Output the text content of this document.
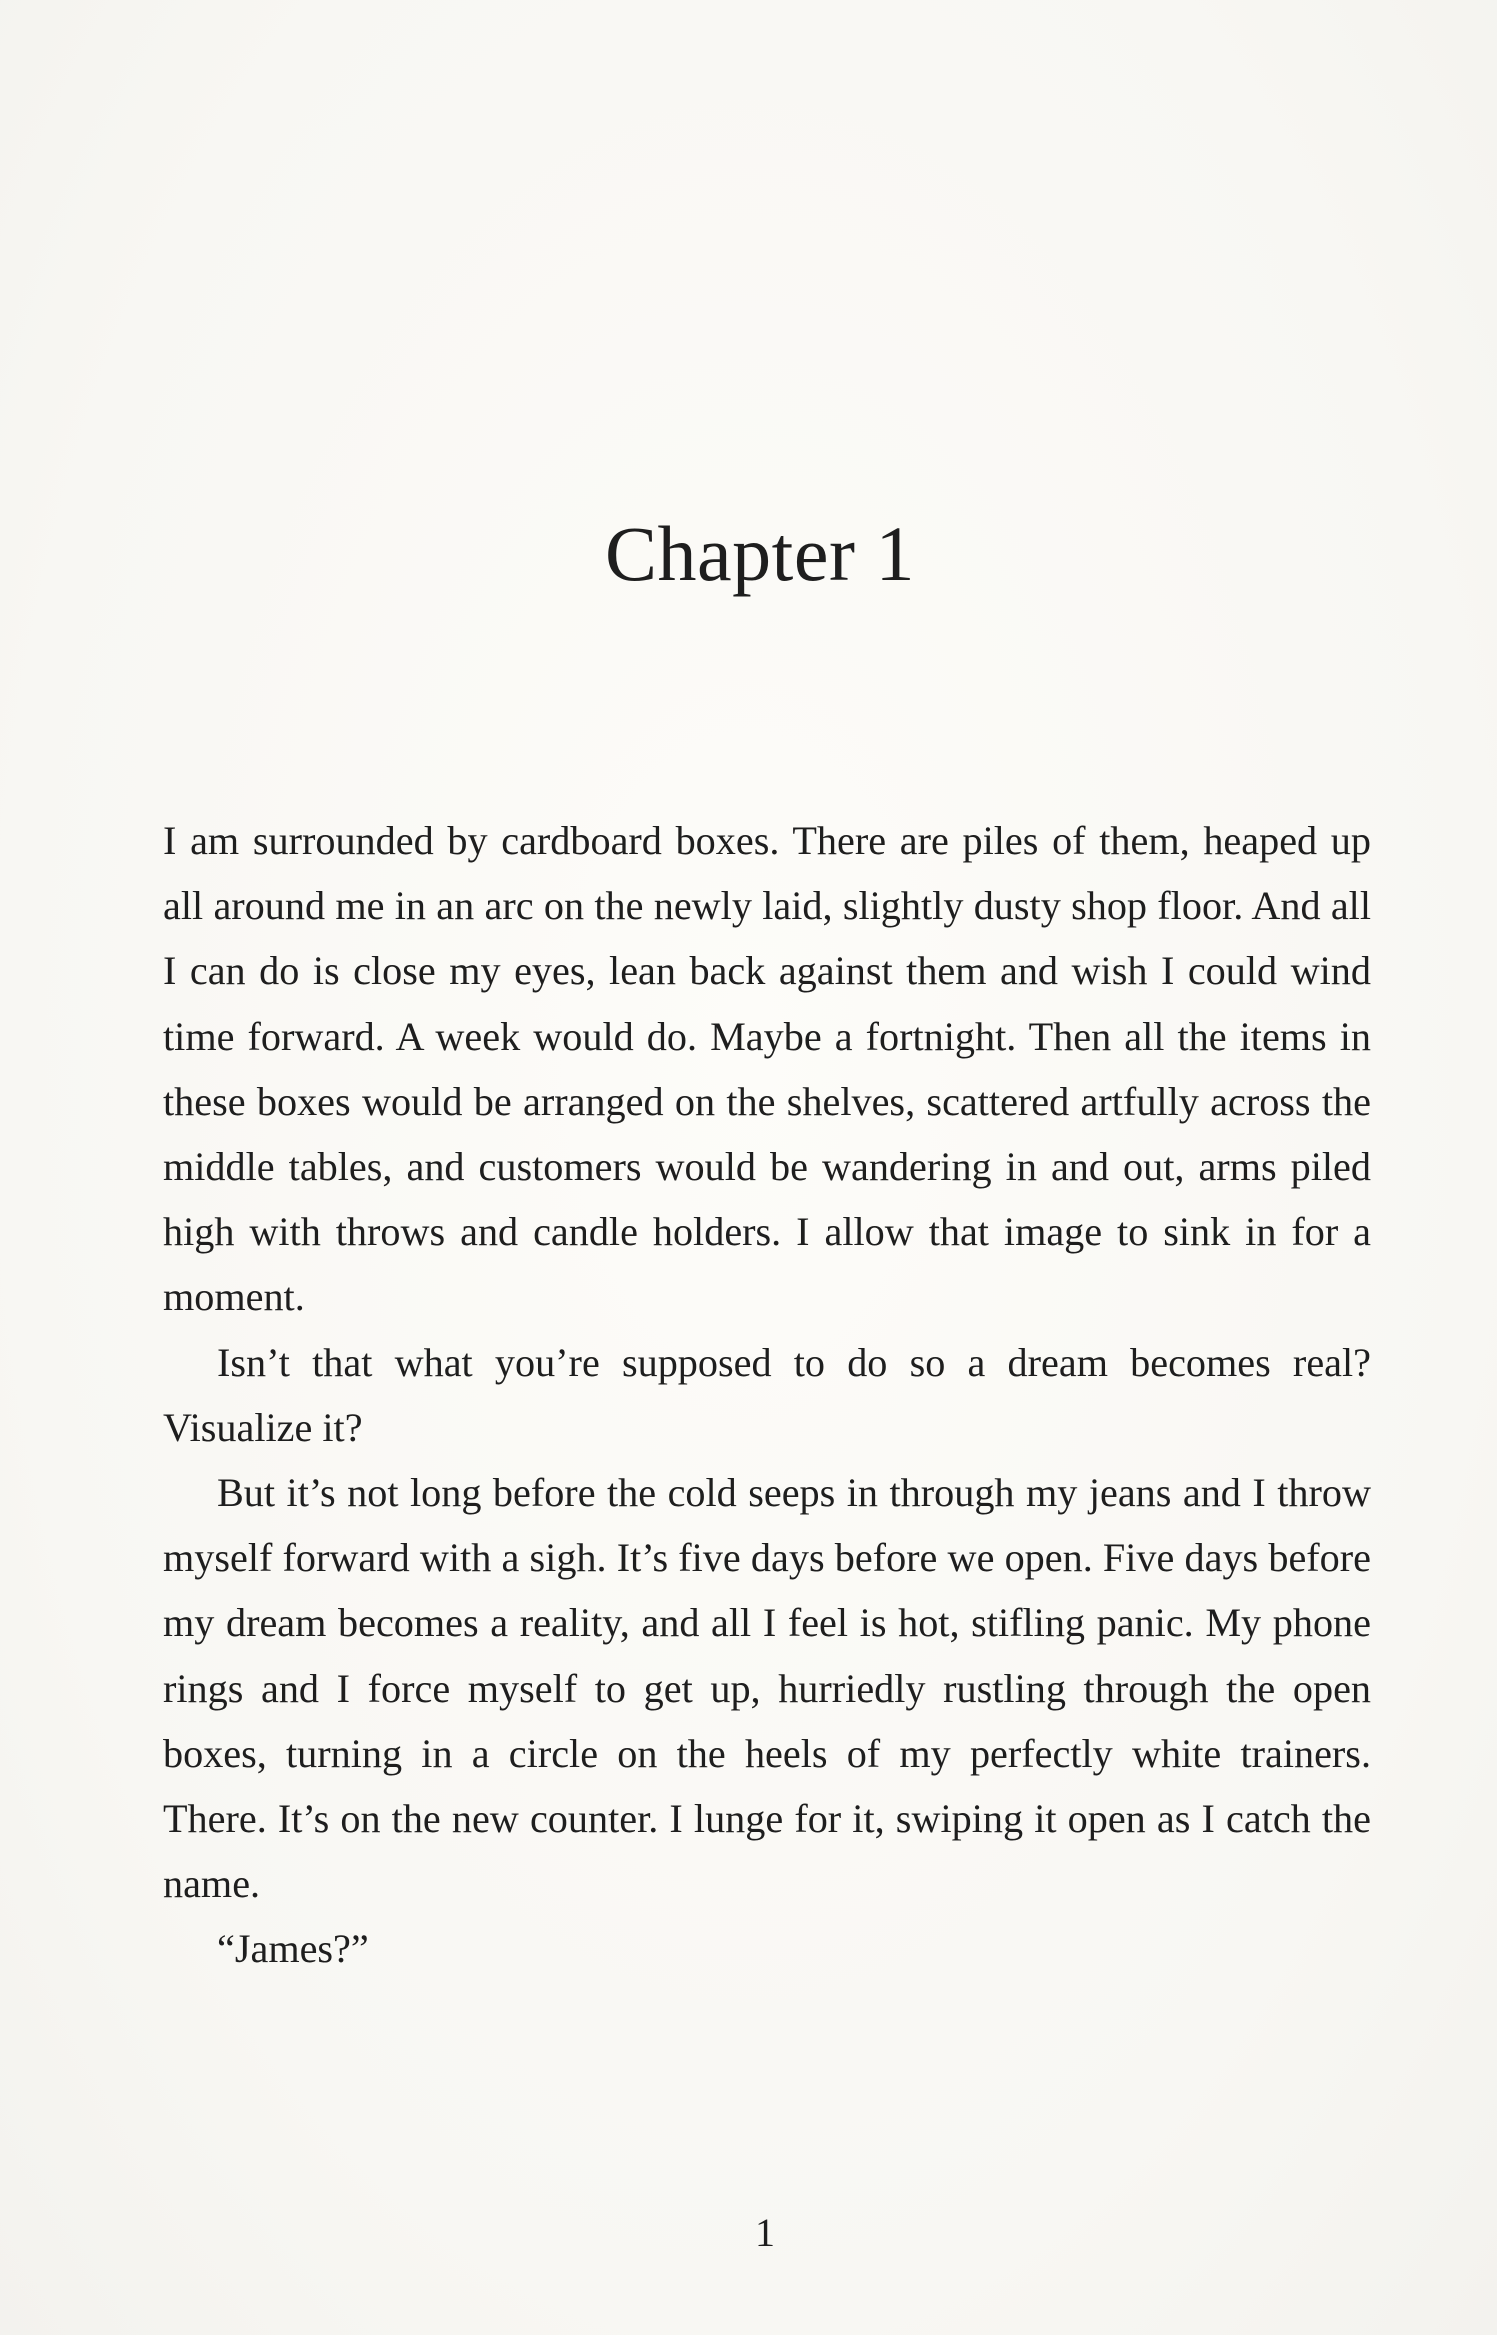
Chapter 1

I am surrounded by cardboard boxes. There are piles of them, heaped up all around me in an arc on the newly laid, slightly dusty shop floor. And all I can do is close my eyes, lean back against them and wish I could wind time forward. A week would do. Maybe a fortnight. Then all the items in these boxes would be arranged on the shelves, scattered artfully across the middle tables, and customers would be wandering in and out, arms piled high with throws and candle holders. I allow that image to sink in for a moment.

Isn’t that what you’re supposed to do so a dream becomes real? Visualize it?

But it’s not long before the cold seeps in through my jeans and I throw myself forward with a sigh. It’s five days before we open. Five days before my dream becomes a reality, and all I feel is hot, stifling panic. My phone rings and I force myself to get up, hurriedly rustling through the open boxes, turning in a circle on the heels of my perfectly white trainers. There. It’s on the new counter. I lunge for it, swiping it open as I catch the name.

“James?”

1
